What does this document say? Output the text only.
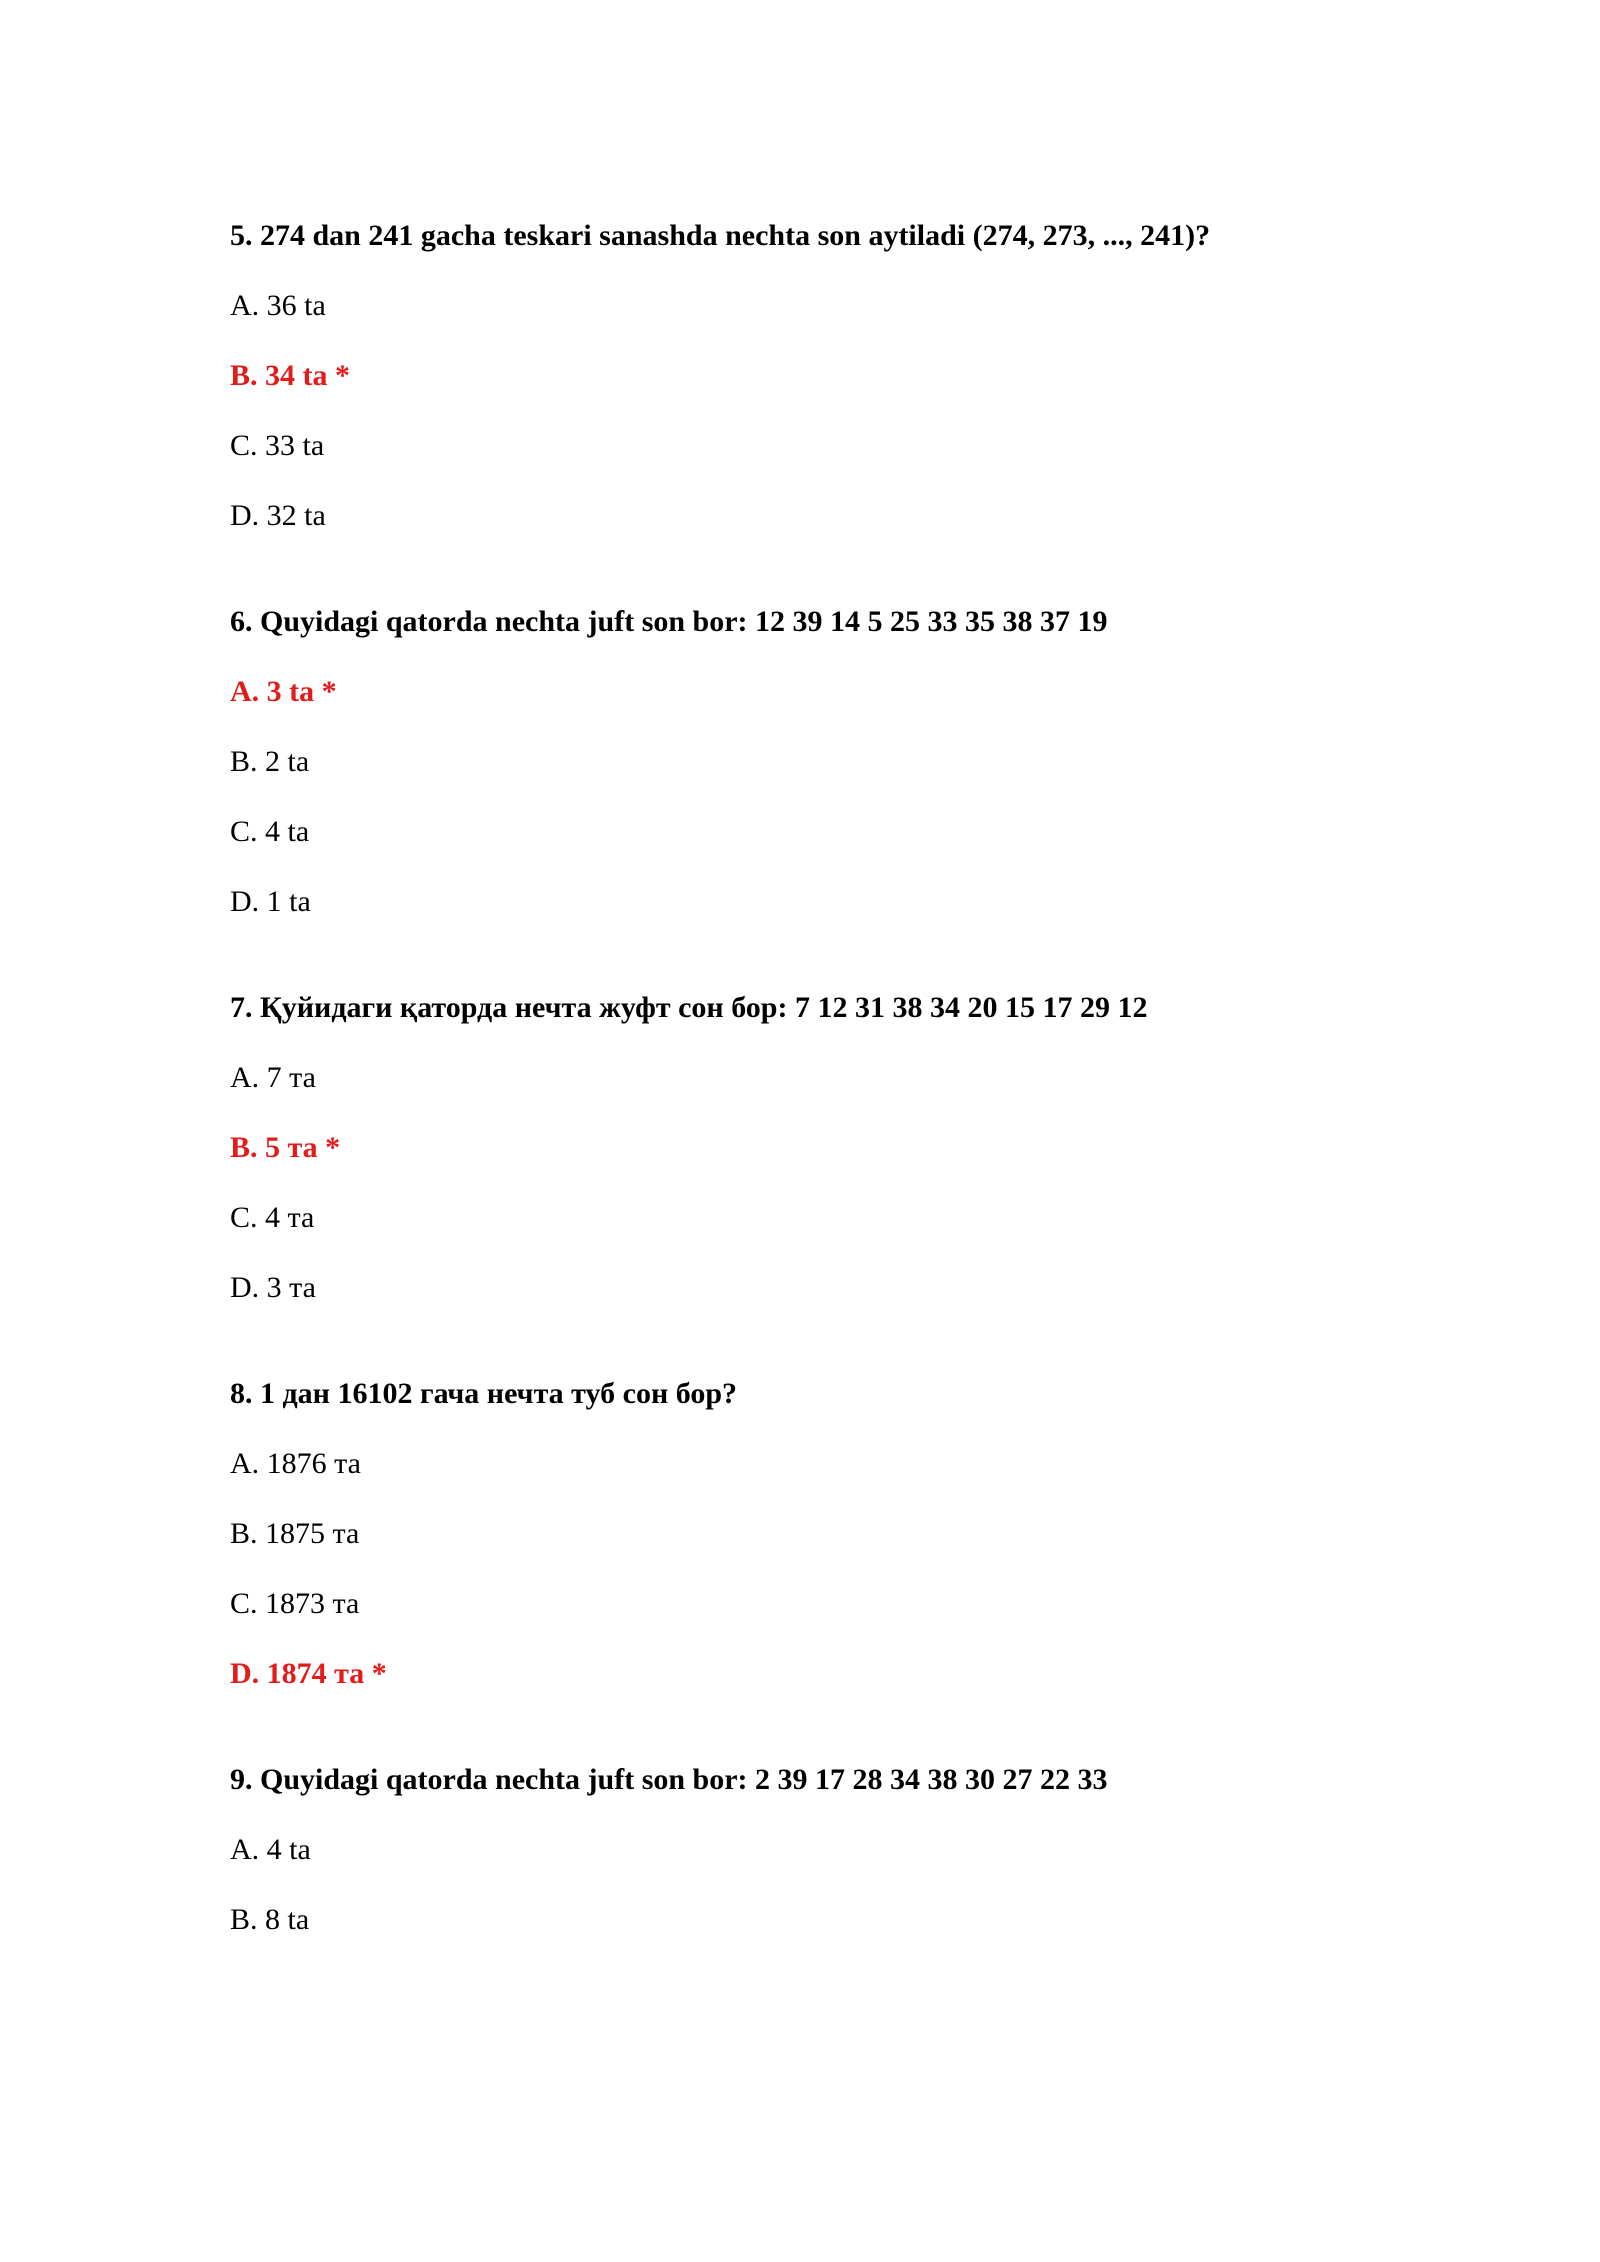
5. 274 dan 241 gacha teskari sanashda nechta son aytiladi (274, 273, ..., 241)?
A. 36 ta
B. 34 ta *
C. 33 ta
D. 32 ta
6. Quyidagi qatorda nechta juft son bor: 12 39 14 5 25 33 35 38 37 19
A. 3 ta *
B. 2 ta
C. 4 ta
D. 1 ta
7. Қуйидаги қаторда нечта жуфт сон бор: 7 12 31 38 34 20 15 17 29 12
A. 7 та
B. 5 та *
C. 4 та
D. 3 та
8. 1 дан 16102 гача нечта туб сон бор?
A. 1876 та
B. 1875 та
C. 1873 та
D. 1874 та *
9. Quyidagi qatorda nechta juft son bor: 2 39 17 28 34 38 30 27 22 33
A. 4 ta
B. 8 ta
